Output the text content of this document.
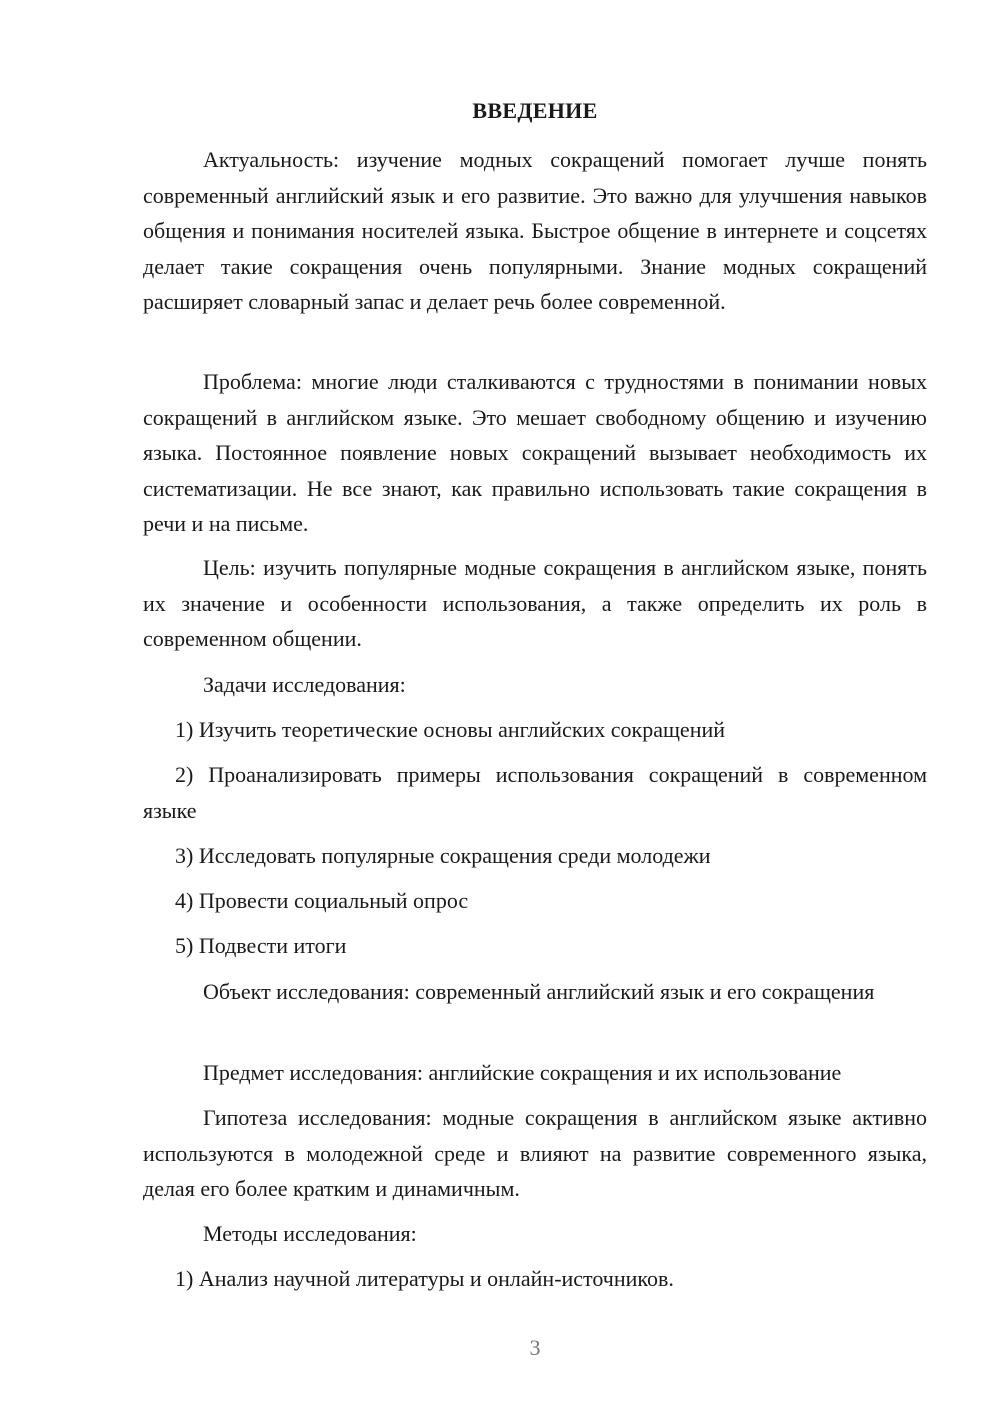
ВВЕДЕНИЕ

Актуальность: изучение модных сокращений помогает лучше понять современный английский язык и его развитие. Это важно для улучшения навыков общения и понимания носителей языка. Быстрое общение в интернете и соцсетях делает такие сокращения очень популярными. Знание модных сокращений расширяет словарный запас и делает речь более современной.

Проблема: многие люди сталкиваются с трудностями в понимании новых сокращений в английском языке. Это мешает свободному общению и изучению языка. Постоянное появление новых сокращений вызывает необходимость их систематизации. Не все знают, как правильно использовать такие сокращения в речи и на письме.

Цель: изучить популярные модные сокращения в английском языке, понять их значение и особенности использования, а также определить их роль в современном общении.

Задачи исследования:

1) Изучить теоретические основы английских сокращений

2) Проанализировать примеры использования сокращений в современном языке

3) Исследовать популярные сокращения среди молодежи

4) Провести социальный опрос

5) Подвести итоги

Объект исследования: современный английский язык и его сокращения

Предмет исследования: английские сокращения и их использование

Гипотеза исследования: модные сокращения в английском языке активно используются в молодежной среде и влияют на развитие современного языка, делая его более кратким и динамичным.

Методы исследования:

1) Анализ научной литературы и онлайн-источников.

3
